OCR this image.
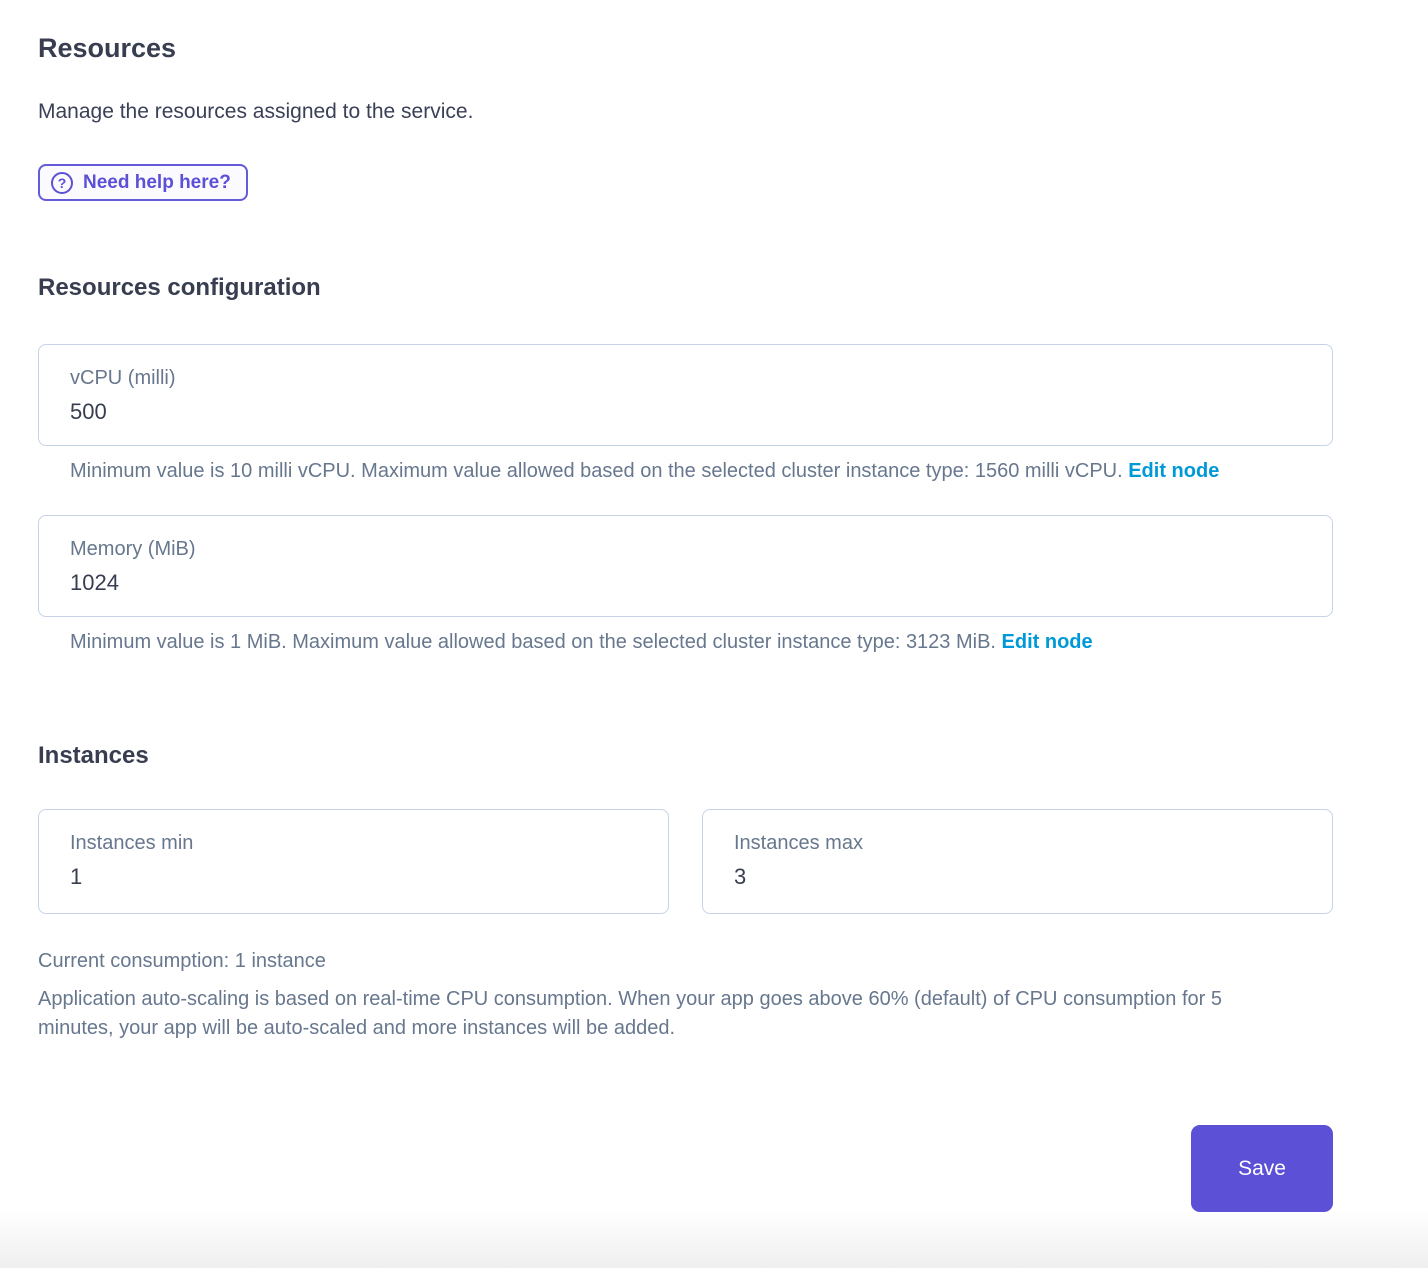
Resources

Manage the resources assigned to the service.

? Need help here?
Resources configuration
vCPU (milli)
500

Minimum value is 10 milli vCPU. Maximum value allowed based on the selected cluster instance type: 1560 milli vCPU. Edit node

Memory (MiB)
1024

Minimum value is 1 MiB. Maximum value allowed based on the selected cluster instance type: 3123 MiB. Edit node

Instances
Instances min
1	Instances max
3

Current consumption: 1 instance

Application auto-scaling is based on real-time CPU consumption. When your app goes above 60% (default) of CPU consumption for 5 minutes, your app will be auto-scaled and more instances will be added.

Save
